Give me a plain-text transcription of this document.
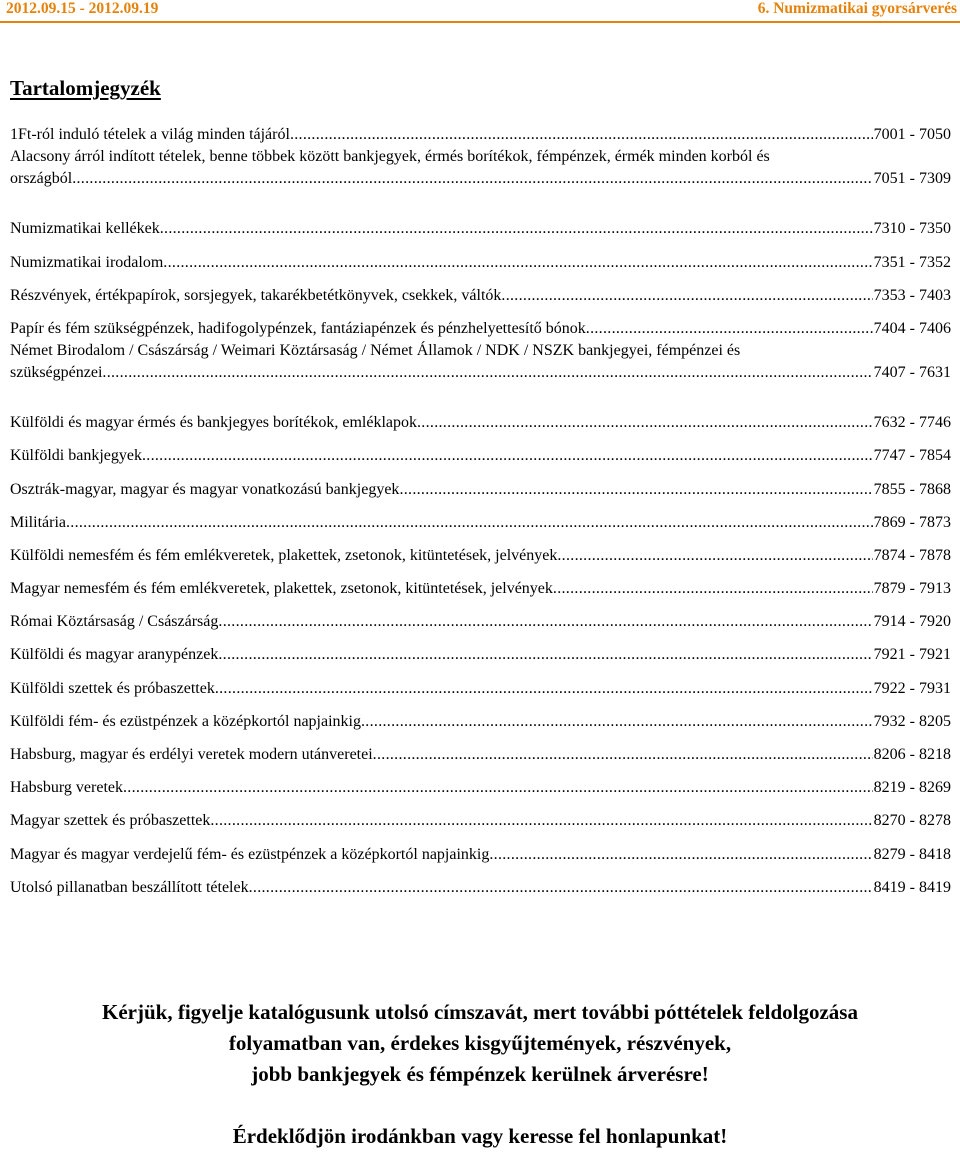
2012.09.15 - 2012.09.19	6. Numizmatikai gyorsárverés
Tartalomjegyzék
1Ft-ról induló tételek a világ minden tájáról .....	7001 - 7050
Alacsony árról indított tételek, benne többek között bankjegyek, érmés borítékok, fémpénzek, érmék minden korból és
országból .....	7051 - 7309
Numizmatikai kellékek .....	7310 - 7350
Numizmatikai irodalom .....	7351 - 7352
Részvények, értékpapírok, sorsjegyek, takarékbetétkönyvek, csekkek, váltók .....	7353 - 7403
Papír és fém szükségpénzek, hadifogolypénzek, fantáziapénzek és pénzhelyettesítő bónok .....	7404 - 7406
Német Birodalom / Császárság / Weimari Köztársaság / Német Államok / NDK / NSZK bankjegyei, fémpénzei és
szükségpénzei .....	7407 - 7631
Külföldi és magyar érmés és bankjegyes borítékok, emléklapok .....	7632 - 7746
Külföldi bankjegyek .....	7747 - 7854
Osztrák-magyar, magyar és magyar vonatkozású bankjegyek .....	7855 - 7868
Militária .....	7869 - 7873
Külföldi nemesfém és fém emlékveretek, plakettek, zsetonok, kitüntetések, jelvények .....	7874 - 7878
Magyar nemesfém és fém emlékveretek, plakettek, zsetonok, kitüntetések, jelvények .....	7879 - 7913
Római Köztársaság / Császárság .....	7914 - 7920
Külföldi és magyar aranypénzek .....	7921 - 7921
Külföldi szettek és próbaszettek .....	7922 - 7931
Külföldi fém- és ezüstpénzek a középkortól napjainkig .....	7932 - 8205
Habsburg, magyar és erdélyi veretek modern utánveretei .....	8206 - 8218
Habsburg veretek .....	8219 - 8269
Magyar szettek és próbaszettek .....	8270 - 8278
Magyar és magyar verdejelű fém- és ezüstpénzek a középkortól napjainkig .....	8279 - 8418
Utolsó pillanatban beszállított tételek .....	8419 - 8419
Kérjük, figyelje katalógusunk utolsó címszavát, mert további póttételek feldolgozása
folyamatban van, érdekes kisgyűjtemények, részvények,
jobb bankjegyek és fémpénzek kerülnek árverésre!
Érdeklődjön irodánkban vagy keresse fel honlapunkat!
